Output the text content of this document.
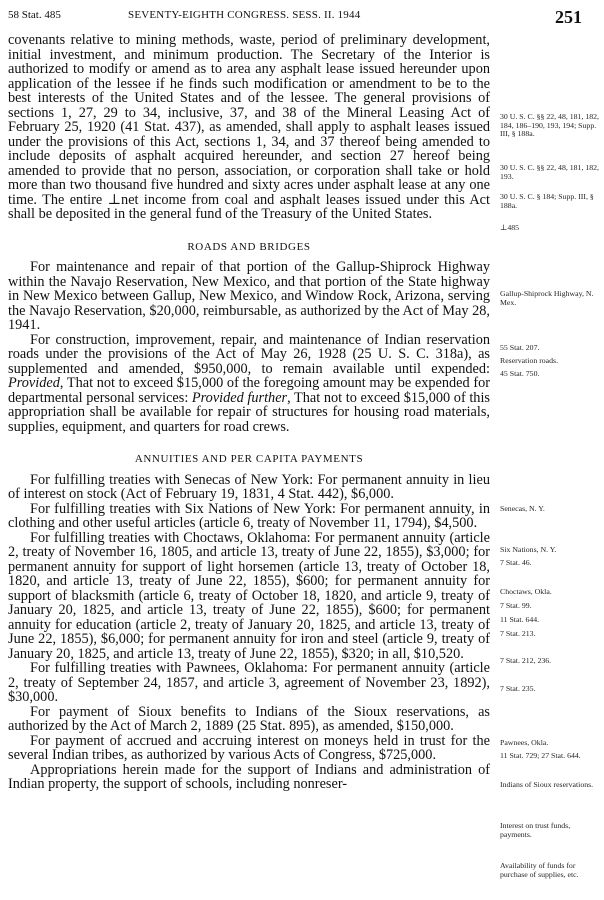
58 Stat. 485	SEVENTY-EIGHTH CONGRESS. SESS. II. 1944	251

covenants relative to mining methods, waste, period of preliminary development, initial investment, and minimum production. The Secretary of the Interior is authorized to modify or amend as to area any asphalt lease issued hereunder upon application of the lessee if he finds such modification or amendment to be to the best interests of the United States and of the lessee. The general provisions of sections 1, 27, 29 to 34, inclusive, 37, and 38 of the Mineral Leasing Act of February 25, 1920 (41 Stat. 437), as amended, shall apply to asphalt leases issued under the provisions of this Act, sections 1, 34, and 37 thereof being amended to include deposits of asphalt acquired hereunder, and section 27 hereof being amended to provide that no person, association, or corporation shall take or hold more than two thousand five hundred and sixty acres under asphalt lease at any one time. The entire ⊥net income from coal and asphalt leases issued under this Act shall be deposited in the general fund of the Treasury of the United States.

ROADS AND BRIDGES

For maintenance and repair of that portion of the Gallup-Shiprock Highway within the Navajo Reservation, New Mexico, and that portion of the State highway in New Mexico between Gallup, New Mexico, and Window Rock, Arizona, serving the Navajo Reservation, $20,000, reimbursable, as authorized by the Act of May 28, 1941.

For construction, improvement, repair, and maintenance of Indian reservation roads under the provisions of the Act of May 26, 1928 (25 U. S. C. 318a), as supplemented and amended, $950,000, to remain available until expended: Provided, That not to exceed $15,000 of the foregoing amount may be expended for departmental personal services: Provided further, That not to exceed $15,000 of this appropriation shall be available for repair of structures for housing road materials, supplies, equipment, and quarters for road crews.

ANNUITIES AND PER CAPITA PAYMENTS

For fulfilling treaties with Senecas of New York: For permanent annuity in lieu of interest on stock (Act of February 19, 1831, 4 Stat. 442), $6,000.

For fulfilling treaties with Six Nations of New York: For permanent annuity, in clothing and other useful articles (article 6, treaty of November 11, 1794), $4,500.

For fulfilling treaties with Choctaws, Oklahoma: For permanent annuity (article 2, treaty of November 16, 1805, and article 13, treaty of June 22, 1855), $3,000; for permanent annuity for support of light horsemen (article 13, treaty of October 18, 1820, and article 13, treaty of June 22, 1855), $600; for permanent annuity for support of blacksmith (article 6, treaty of October 18, 1820, and article 9, treaty of January 20, 1825, and article 13, treaty of June 22, 1855), $600; for permanent annuity for education (article 2, treaty of January 20, 1825, and article 13, treaty of June 22, 1855), $6,000; for permanent annuity for iron and steel (article 9, treaty of January 20, 1825, and article 13, treaty of June 22, 1855), $320; in all, $10,520.

For fulfilling treaties with Pawnees, Oklahoma: For permanent annuity (article 2, treaty of September 24, 1857, and article 3, agreement of November 23, 1892), $30,000.

For payment of Sioux benefits to Indians of the Sioux reservations, as authorized by the Act of March 2, 1889 (25 Stat. 895), as amended, $150,000.

For payment of accrued and accruing interest on moneys held in trust for the several Indian tribes, as authorized by various Acts of Congress, $725,000.

Appropriations herein made for the support of Indians and administration of Indian property, the support of schools, including nonreser-

30 U. S. C. §§ 22, 48, 181, 182, 184, 186–190, 193, 194; Supp. III, § 188a.
30 U. S. C. §§ 22, 48, 181, 182, 193.
30 U. S. C. § 184; Supp. III, § 188a.
⊥485
Gallup-Shiprock Highway, N. Mex.
55 Stat. 207.
Reservation roads.
45 Stat. 750.
Senecas, N. Y.
Six Nations, N. Y.
7 Stat. 46.
Choctaws, Okla.
7 Stat. 99.
11 Stat. 644.
7 Stat. 213.
7 Stat. 212, 236.
7 Stat. 235.
Pawnees, Okla.
11 Stat. 729; 27 Stat. 644.
Indians of Sioux reservations.
Interest on trust funds, payments.
Availability of funds for purchase of supplies, etc.
